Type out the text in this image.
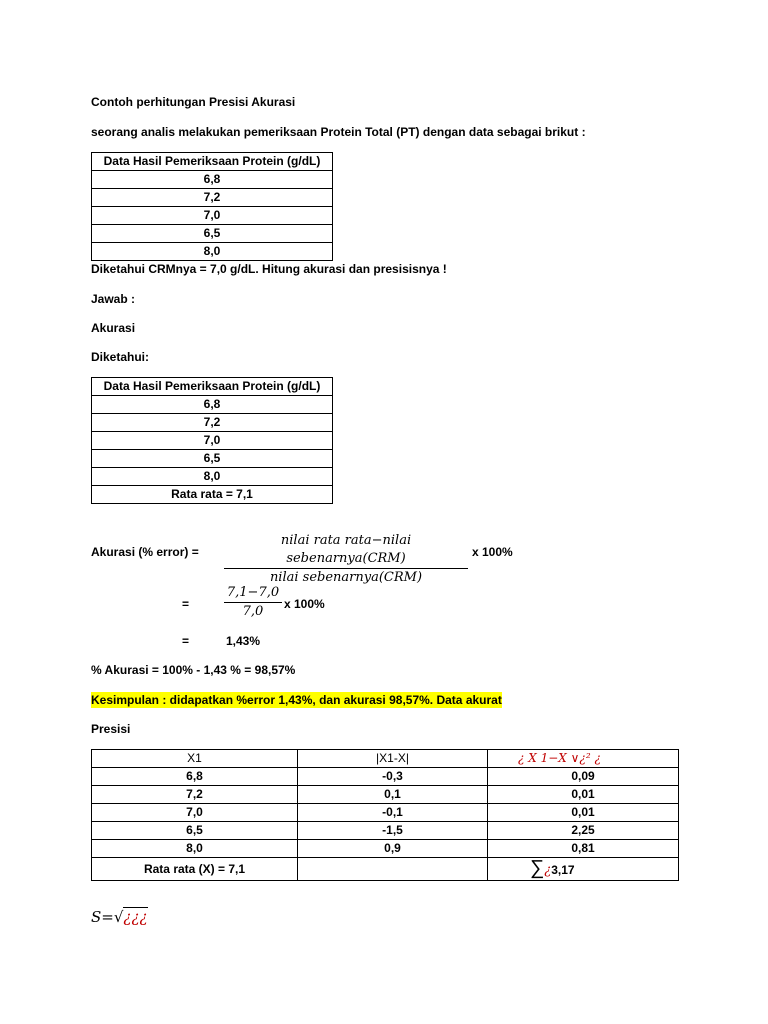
Contoh perhitungan Presisi Akurasi
seorang analis melakukan pemeriksaan Protein Total (PT) dengan data sebagai brikut :
Data Hasil Pemeriksaan Protein (g/dL)
6,8
7,2
7,0
6,5
8,0
Diketahui CRMnya = 7,0 g/dL. Hitung akurasi dan presisisnya !
Jawab :
Akurasi
Diketahui:
Data Hasil Pemeriksaan Protein (g/dL)
6,8
7,2
7,0
6,5
8,0
Rata rata = 7,1
Akurasi (% error) =
nilai rata rata−nilai sebenarnya(CRM)
nilai sebenarnya(CRM)
x 100%
=	$\frac{7,1-7,0}{7,0}$ x 100%
=	1,43%
% Akurasi = 100% - 1,43 % = 98,57%
Kesimpulan : didapatkan %error 1,43%, dan akurasi 98,57%. Data akurat
Presisi
X1	|X1-X|	¿ X 1−X ∨¿² ¿
6,8	-0,3	0,09
7,2	0,1	0,01
7,0	-0,1	0,01
6,5	-1,5	2,25
8,0	0,9	0,81
Rata rata (X) = 7,1		∑¿3,17
S=√¿¿¿
